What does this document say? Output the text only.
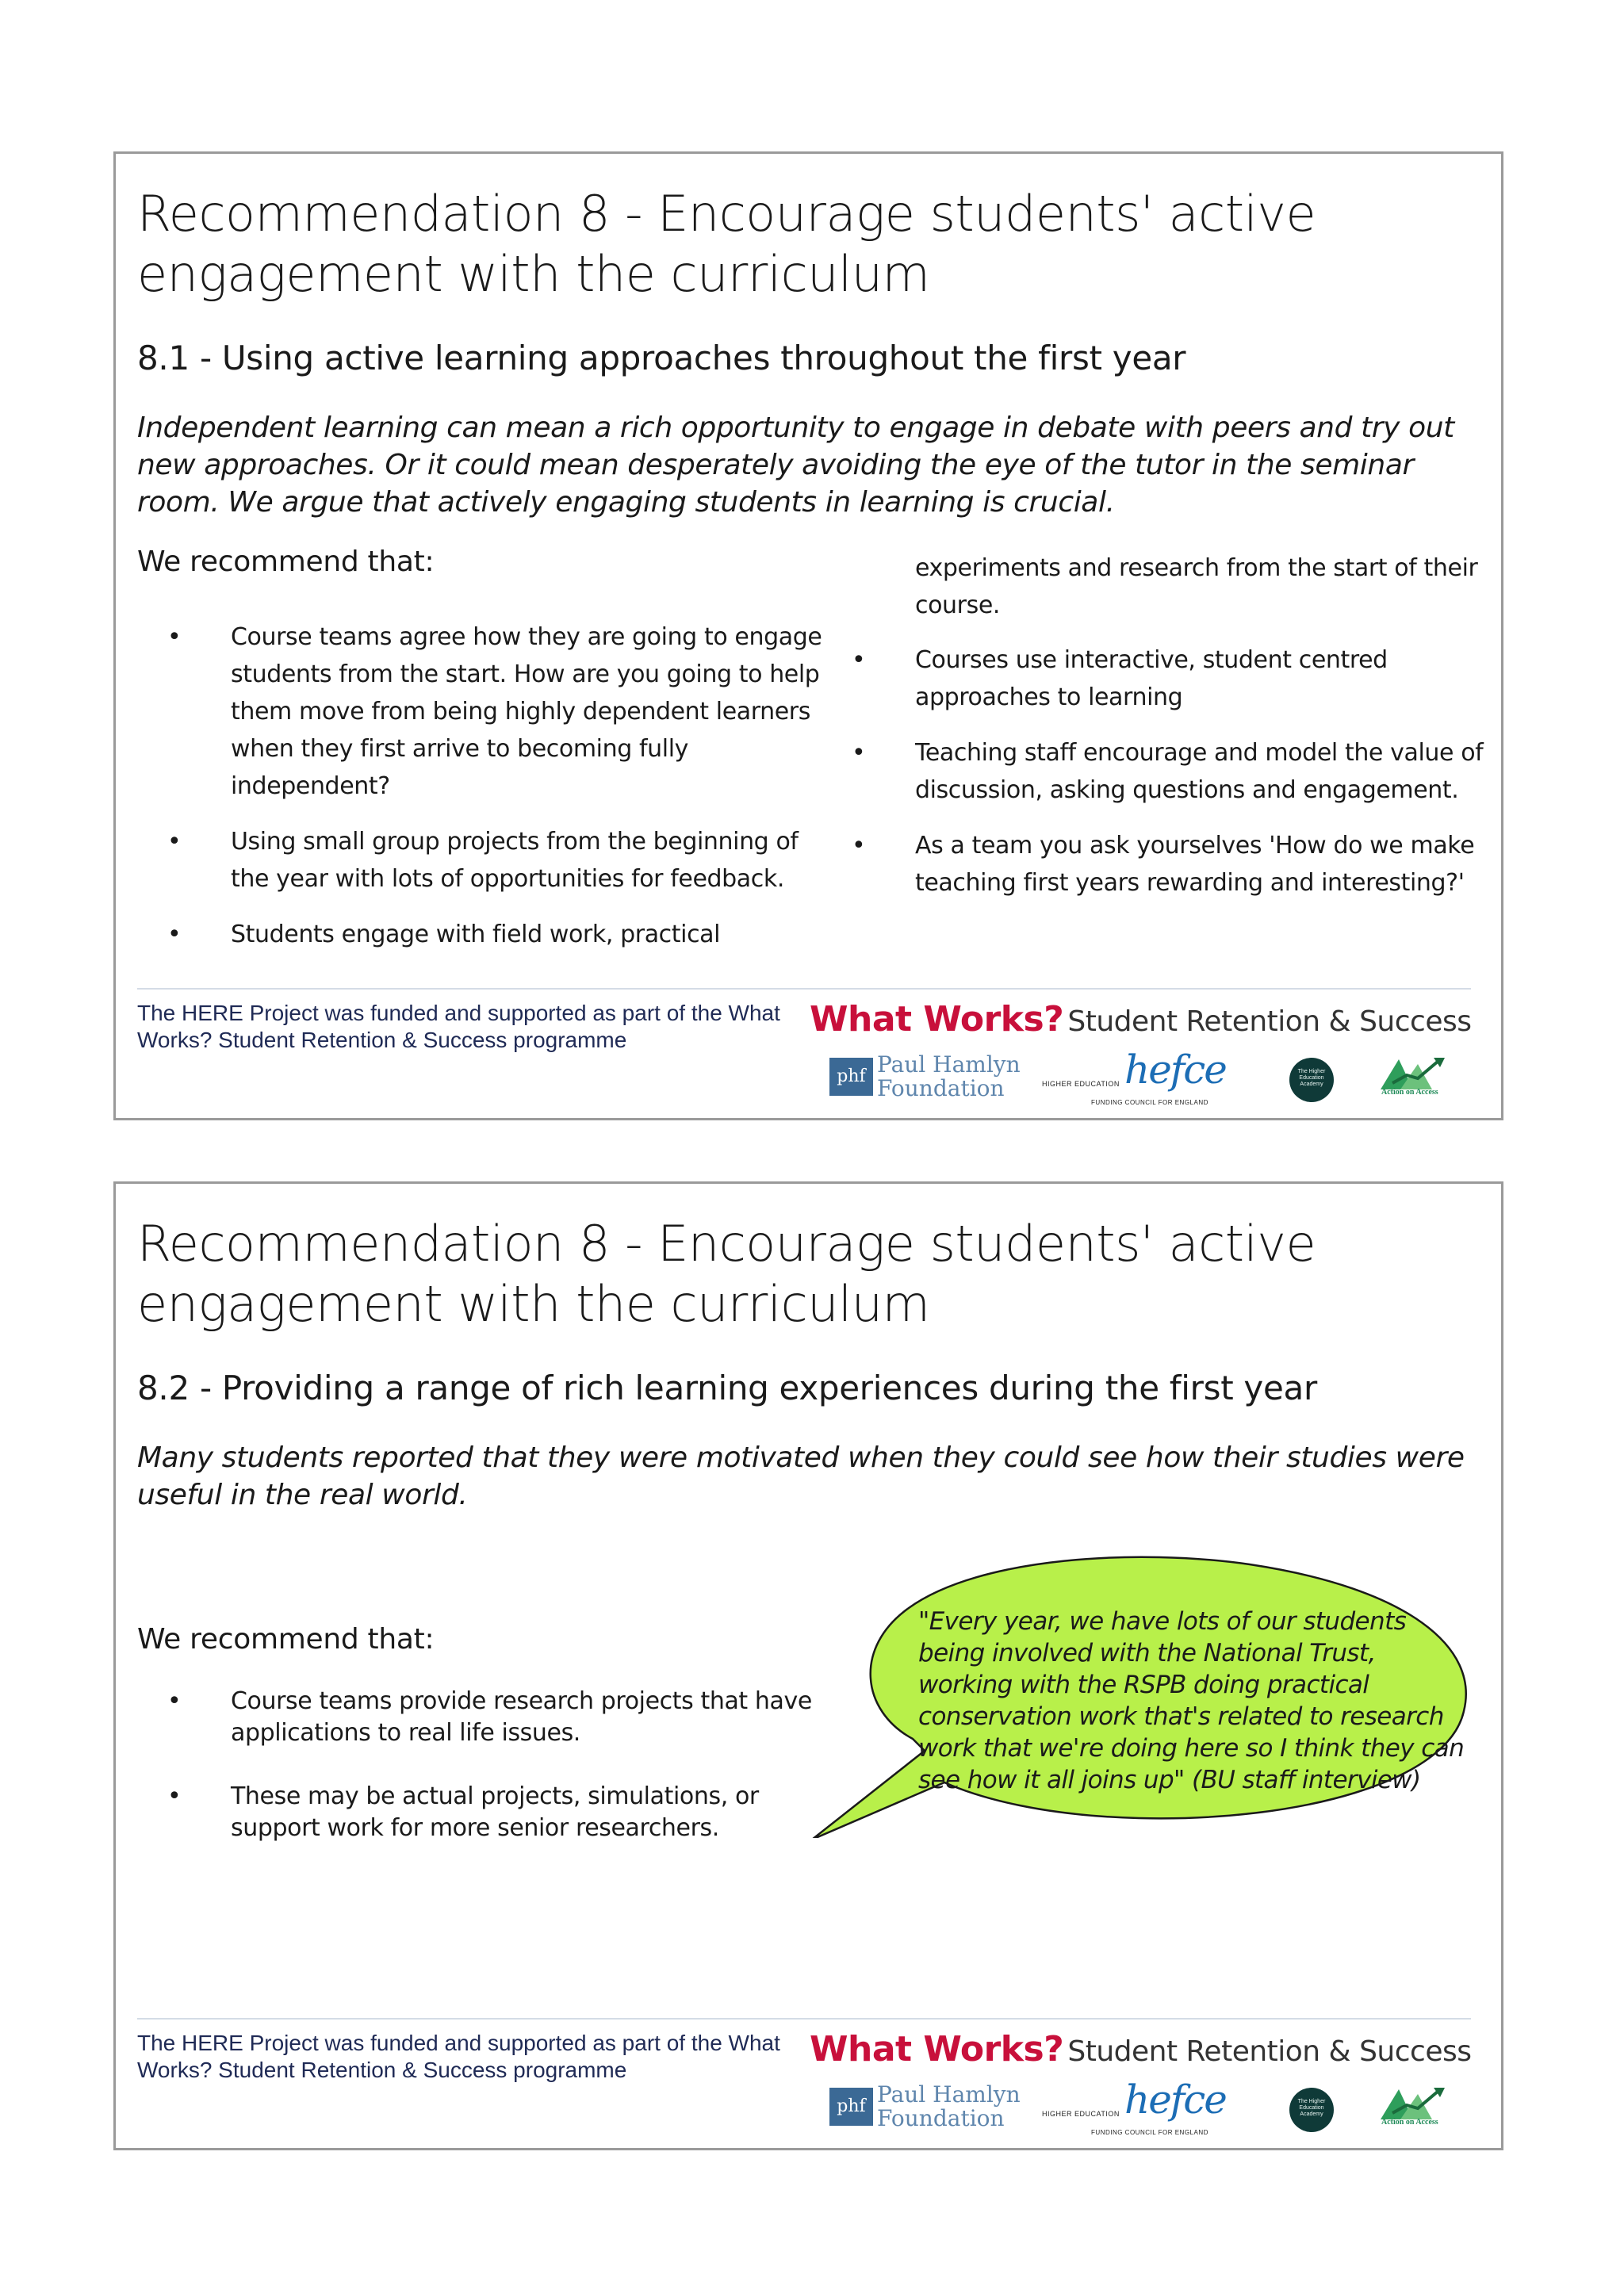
Recommendation 8 - Encourage students' active engagement with the curriculum
8.1 - Using active learning approaches throughout the first year
Independent learning can mean a rich opportunity to engage in debate with peers and try out new approaches. Or it could mean desperately avoiding the eye of the tutor in the seminar room. We argue that actively engaging students in learning is crucial.
We recommend that:
• Course teams agree how they are going to engage students from the start. How are you going to help them move from being highly dependent learners when they first arrive to becoming fully independent?
• Using small group projects from the beginning of the year with lots of opportunities for feedback.
• Students engage with field work, practical
experiments and research from the start of their course.
• Courses use interactive, student centred approaches to learning
• Teaching staff encourage and model the value of discussion, asking questions and engagement.
• As a team you ask yourselves 'How do we make teaching first years rewarding and interesting?'
The HERE Project was funded and supported as part of the What Works? Student Retention & Success programme
What Works? Student Retention & Success
phf Paul Hamlyn
Foundation	HIGHER EDUCATION hefce
FUNDING COUNCIL FOR ENGLAND
The Higher Education Academy
Action on Access
Recommendation 8 - Encourage students' active engagement with the curriculum
8.2 - Providing a range of rich learning experiences during the first year
Many students reported that they were motivated when they could see how their studies were useful in the real world.
We recommend that:
• Course teams provide research projects that have applications to real life issues.
• These may be actual projects, simulations, or support work for more senior researchers.
"Every year, we have lots of our students being involved with the National Trust, working with the RSPB doing practical conservation work that's related to research work that we're doing here so I think they can see how it all joins up" (BU staff interview)
The HERE Project was funded and supported as part of the What Works? Student Retention & Success programme
What Works? Student Retention & Success
phf Paul Hamlyn
Foundation	HIGHER EDUCATION hefce
FUNDING COUNCIL FOR ENGLAND
The Higher Education Academy
Action on Access
